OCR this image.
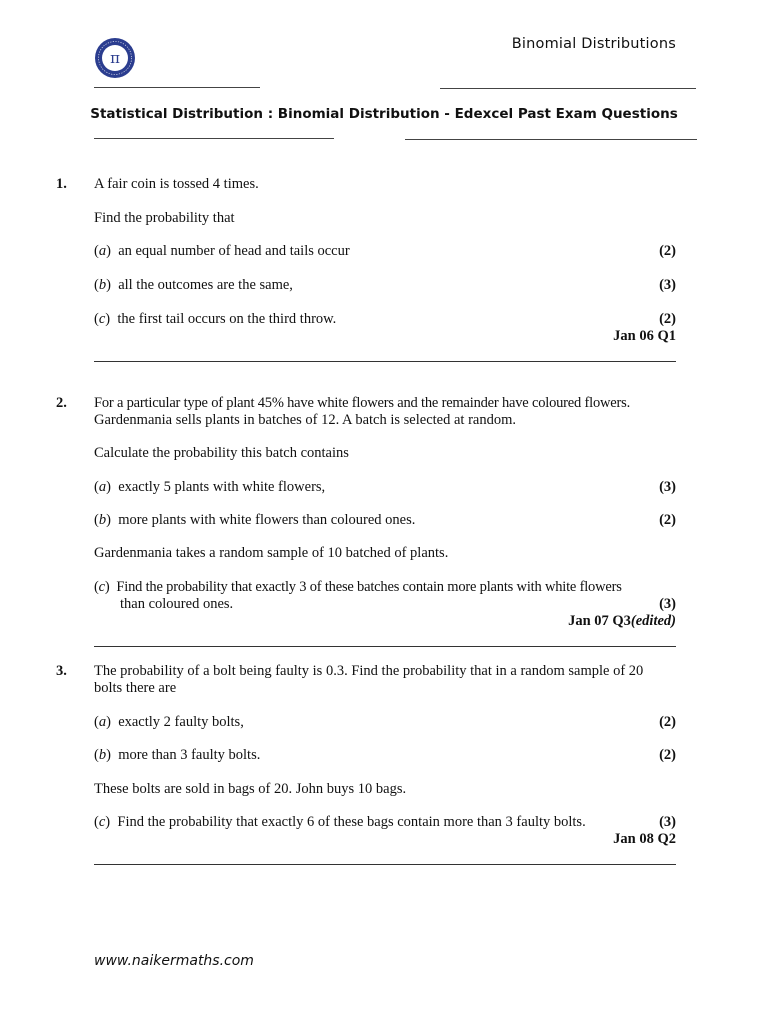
π
Binomial Distributions
Statistical Distribution : Binomial Distribution - Edexcel Past Exam Questions
1. A fair coin is tossed 4 times.
Find the probability that
(a) an equal number of head and tails occur	(2)
(b) all the outcomes are the same,	(3)
(c) the first tail occurs on the third throw.	(2)
Jan 06 Q1
2. For a particular type of plant 45% have white flowers and the remainder have coloured flowers.
Gardenmania sells plants in batches of 12. A batch is selected at random.
Calculate the probability this batch contains
(a) exactly 5 plants with white flowers,	(3)
(b) more plants with white flowers than coloured ones.	(2)
Gardenmania takes a random sample of 10 batched of plants.
(c) Find the probability that exactly 3 of these batches contain more plants with white flowers
than coloured ones.	(3)
Jan 07 Q3(edited)
3. The probability of a bolt being faulty is 0.3. Find the probability that in a random sample of 20
bolts there are
(a) exactly 2 faulty bolts,	(2)
(b) more than 3 faulty bolts.	(2)
These bolts are sold in bags of 20. John buys 10 bags.
(c) Find the probability that exactly 6 of these bags contain more than 3 faulty bolts.	(3)
Jan 08 Q2
www.naikermaths.com
